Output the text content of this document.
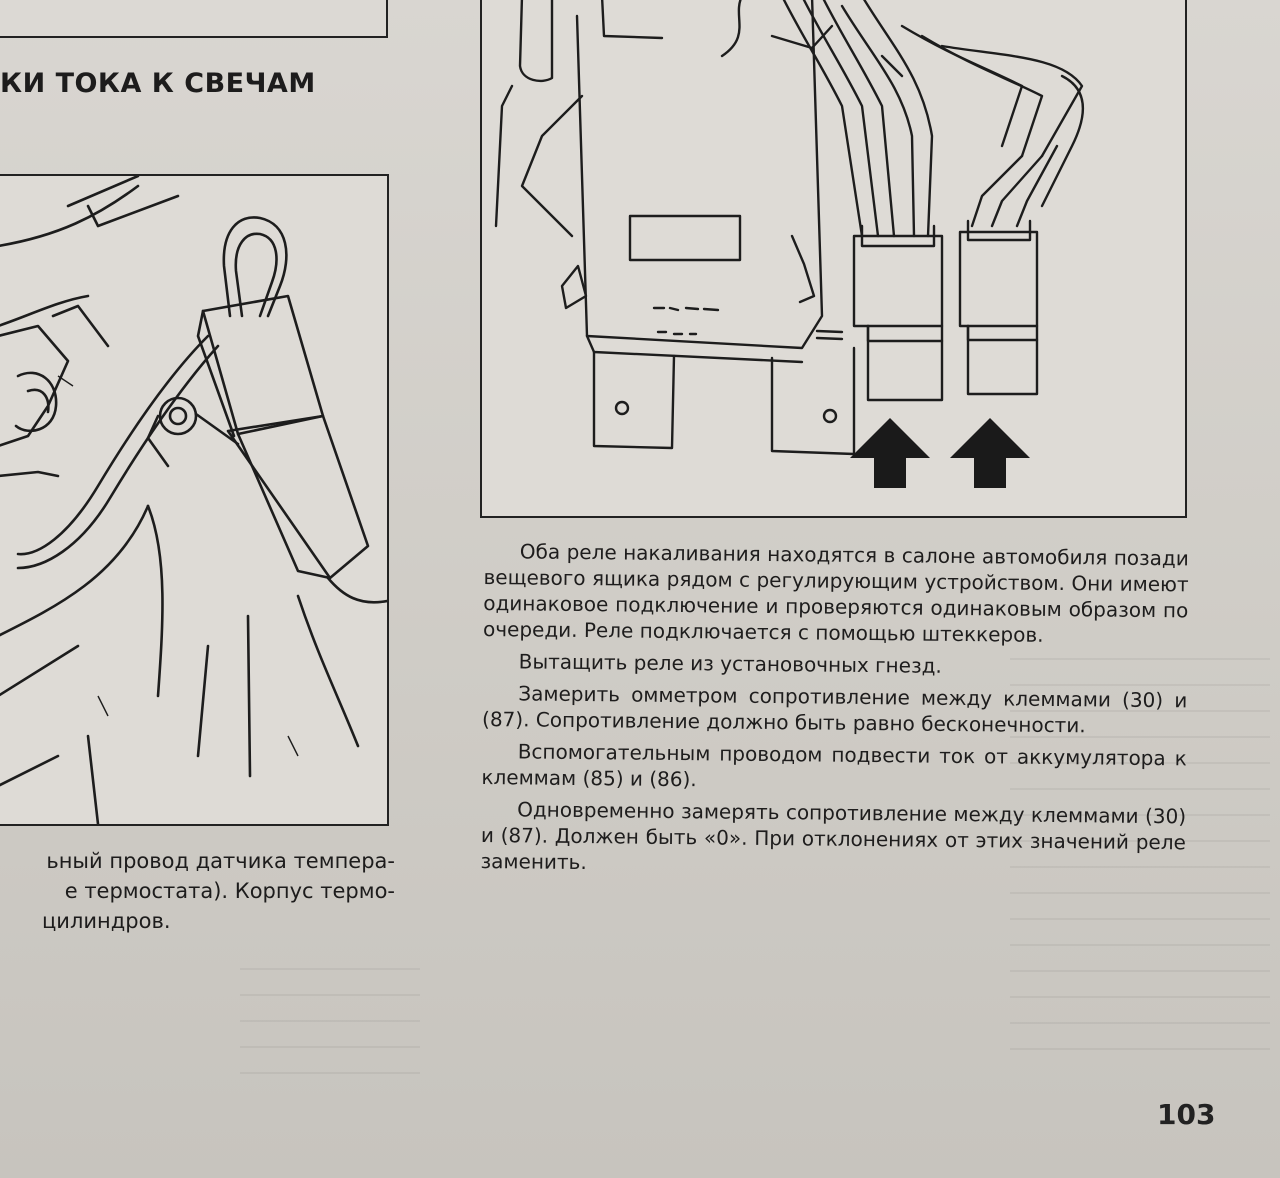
КИ ТОКА К СВЕЧАМ
ьный провод датчика темпера-
е термостата). Корпус термо-
цилиндров.

Оба реле накаливания находятся в салоне автомобиля позади вещевого ящика рядом с регулирующим устройством. Они имеют одинаковое подключение и проверяются одинаковым образом по очереди. Реле подключается с помощью штеккеров.

Вытащить реле из установочных гнезд.

Замерить омметром сопротивление между клеммами (30) и (87). Сопротивление должно быть равно бесконечности.

Вспомогательным проводом подвести ток от аккумулятора к клеммам (85) и (86).

Одновременно замерять сопротивление между клеммами (30) и (87). Должен быть «0». При отклонениях от этих значений реле заменить.

103
